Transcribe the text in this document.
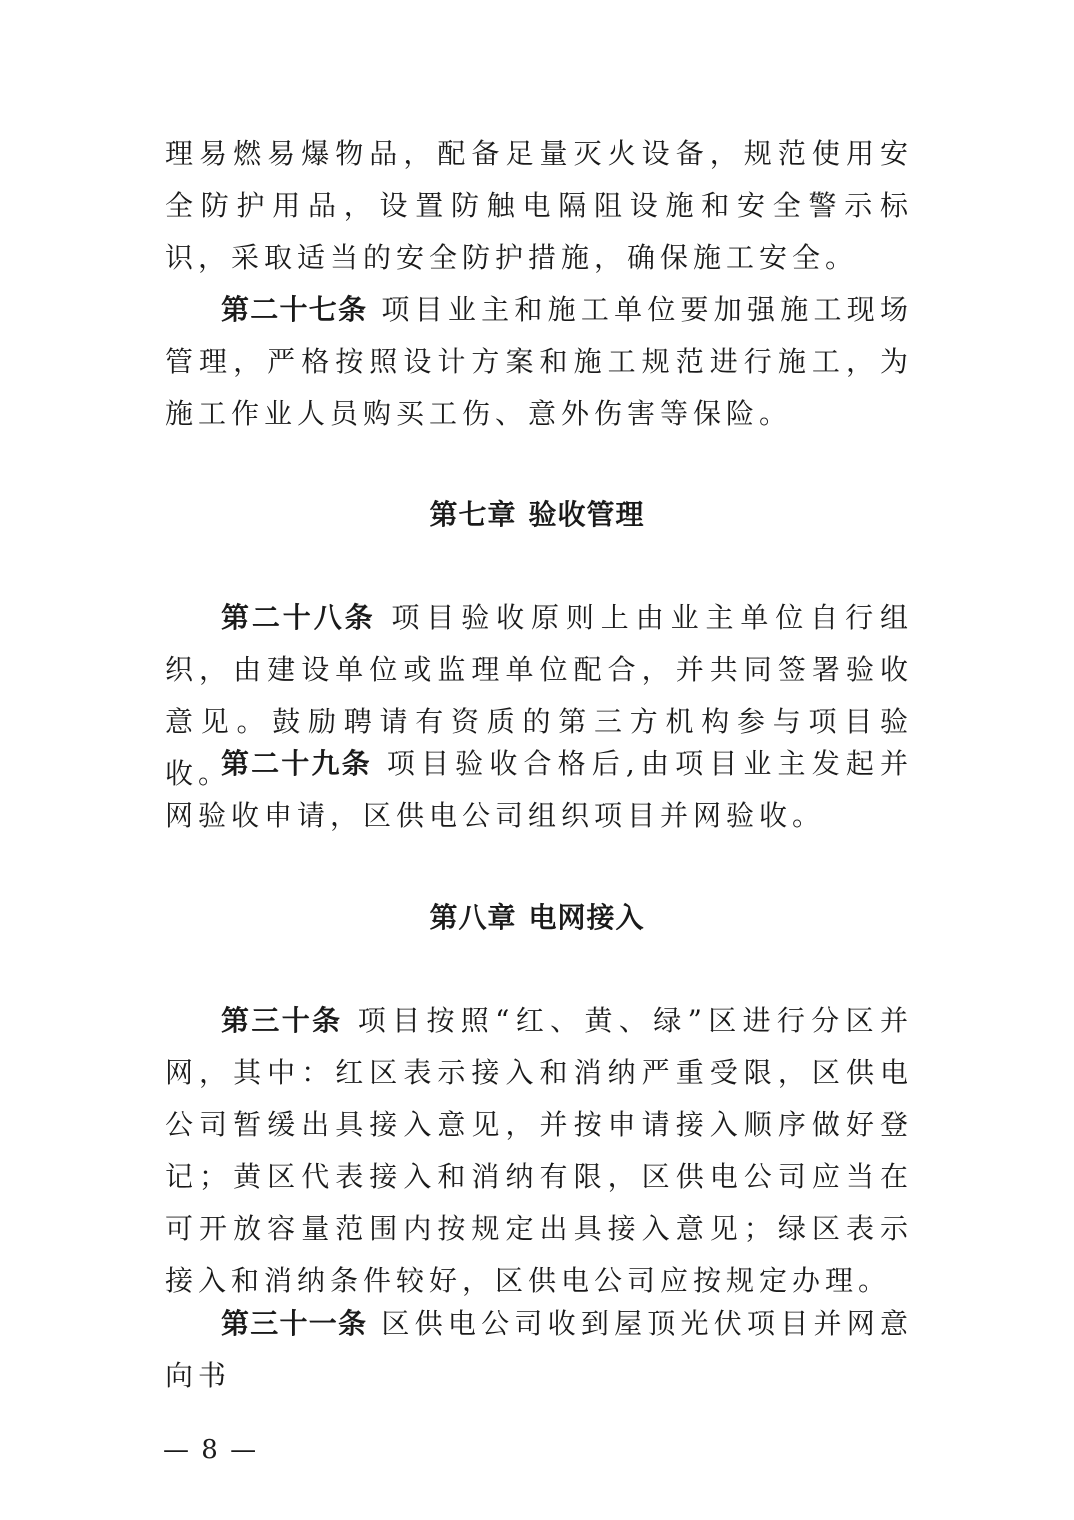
理易燃易爆物品，配备足量灭火设备，规范使用安全防护用品，设置防触电隔阻设施和安全警示标识，采取适当的安全防护措施，确保施工安全。
第二十七条 项目业主和施工单位要加强施工现场管理，严格按照设计方案和施工规范进行施工，为施工作业人员购买工伤、意外伤害等保险。
第七章 验收管理
第二十八条 项目验收原则上由业主单位自行组织，由建设单位或监理单位配合，并共同签署验收意见。鼓励聘请有资质的第三方机构参与项目验收。
第二十九条 项目验收合格后,由项目业主发起并网验收申请，区供电公司组织项目并网验收。
第八章 电网接入
第三十条 项目按照“红、黄、绿”区进行分区并网，其中：红区表示接入和消纳严重受限，区供电公司暂缓出具接入意见，并按申请接入顺序做好登记；黄区代表接入和消纳有限，区供电公司应当在可开放容量范围内按规定出具接入意见；绿区表示接入和消纳条件较好，区供电公司应按规定办理。
第三十一条 区供电公司收到屋顶光伏项目并网意向书
— 8 —
